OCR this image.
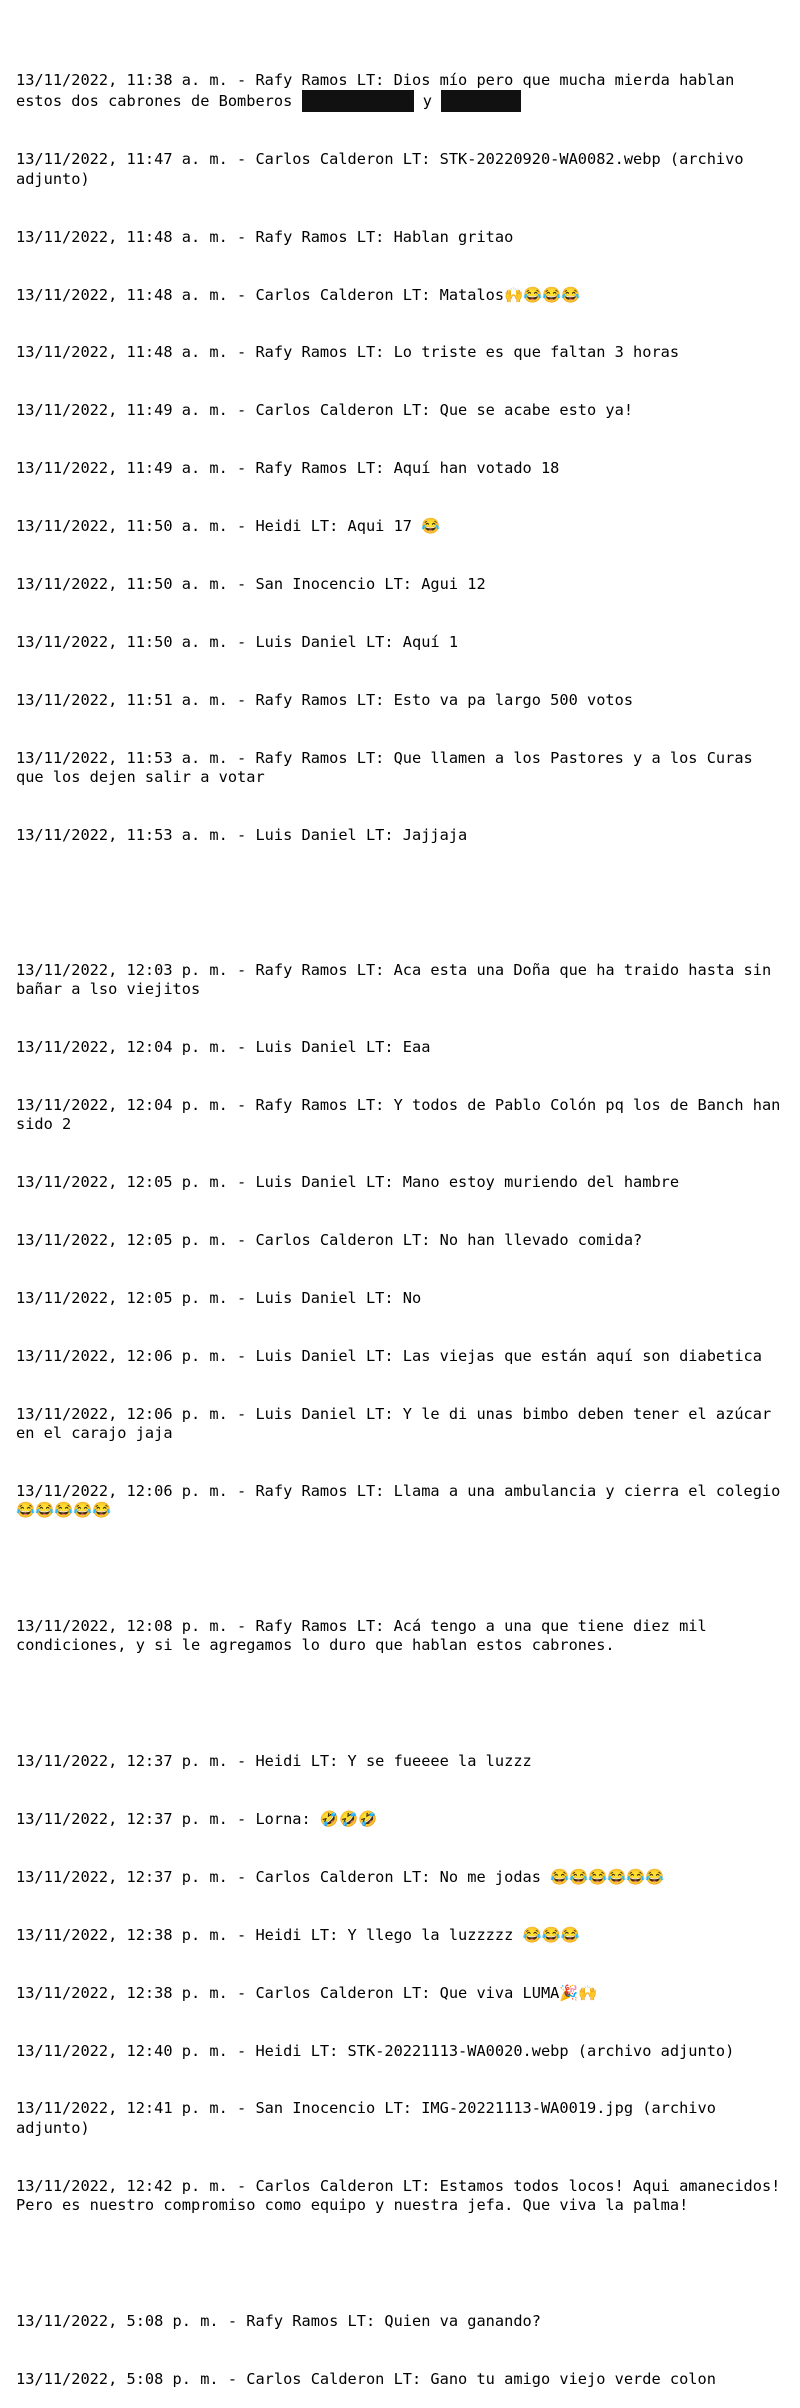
13/11/2022, 11:38 a. m. - Rafy Ramos LT: Dios mío pero que mucha mierda hablan estos dos cabrones de Bomberos	y

13/11/2022, 11:47 a. m. - Carlos Calderon LT: STK-20220920-WA0082.webp (archivo adjunto)

13/11/2022, 11:48 a. m. - Rafy Ramos LT: Hablan gritao

13/11/2022, 11:48 a. m. - Carlos Calderon LT: Matalos🙌😂😂😂

13/11/2022, 11:48 a. m. - Rafy Ramos LT: Lo triste es que faltan 3 horas

13/11/2022, 11:49 a. m. - Carlos Calderon LT: Que se acabe esto ya!

13/11/2022, 11:49 a. m. - Rafy Ramos LT: Aquí han votado 18

13/11/2022, 11:50 a. m. - Heidi LT: Aqui 17 😂

13/11/2022, 11:50 a. m. - San Inocencio LT: Agui 12

13/11/2022, 11:50 a. m. - Luis Daniel LT: Aquí 1

13/11/2022, 11:51 a. m. - Rafy Ramos LT: Esto va pa largo 500 votos

13/11/2022, 11:53 a. m. - Rafy Ramos LT: Que llamen a los Pastores y a los Curas que los dejen salir a votar

13/11/2022, 11:53 a. m. - Luis Daniel LT: Jajjaja

13/11/2022, 12:03 p. m. - Rafy Ramos LT: Aca esta una Doña que ha traido hasta sin bañar a lso viejitos

13/11/2022, 12:04 p. m. - Luis Daniel LT: Eaa

13/11/2022, 12:04 p. m. - Rafy Ramos LT: Y todos de Pablo Colón pq los de Banch han sido 2

13/11/2022, 12:05 p. m. - Luis Daniel LT: Mano estoy muriendo del hambre

13/11/2022, 12:05 p. m. - Carlos Calderon LT: No han llevado comida?

13/11/2022, 12:05 p. m. - Luis Daniel LT: No

13/11/2022, 12:06 p. m. - Luis Daniel LT: Las viejas que están aquí son diabetica

13/11/2022, 12:06 p. m. - Luis Daniel LT: Y le di unas bimbo deben tener el azúcar en el carajo jaja

13/11/2022, 12:06 p. m. - Rafy Ramos LT: Llama a una ambulancia y cierra el colegio 😂😂😂😂😂

13/11/2022, 12:08 p. m. - Rafy Ramos LT: Acá tengo a una que tiene diez mil condiciones, y si le agregamos lo duro que hablan estos cabrones.

13/11/2022, 12:37 p. m. - Heidi LT: Y se fueeee la luzzz

13/11/2022, 12:37 p. m. - Lorna: 🤣🤣🤣

13/11/2022, 12:37 p. m. - Carlos Calderon LT: No me jodas 😂😂😂😂😂😂

13/11/2022, 12:38 p. m. - Heidi LT: Y llego la luzzzzz 😂😂😂

13/11/2022, 12:38 p. m. - Carlos Calderon LT: Que viva LUMA🎉🙌

13/11/2022, 12:40 p. m. - Heidi LT: STK-20221113-WA0020.webp (archivo adjunto)

13/11/2022, 12:41 p. m. - San Inocencio LT: IMG-20221113-WA0019.jpg (archivo adjunto)

13/11/2022, 12:42 p. m. - Carlos Calderon LT: Estamos todos locos! Aqui amanecidos! Pero es nuestro compromiso como equipo y nuestra jefa. Que viva la palma!

13/11/2022, 5:08 p. m. - Rafy Ramos LT: Quien va ganando?

13/11/2022, 5:08 p. m. - Carlos Calderon LT: Gano tu amigo viejo verde colon
